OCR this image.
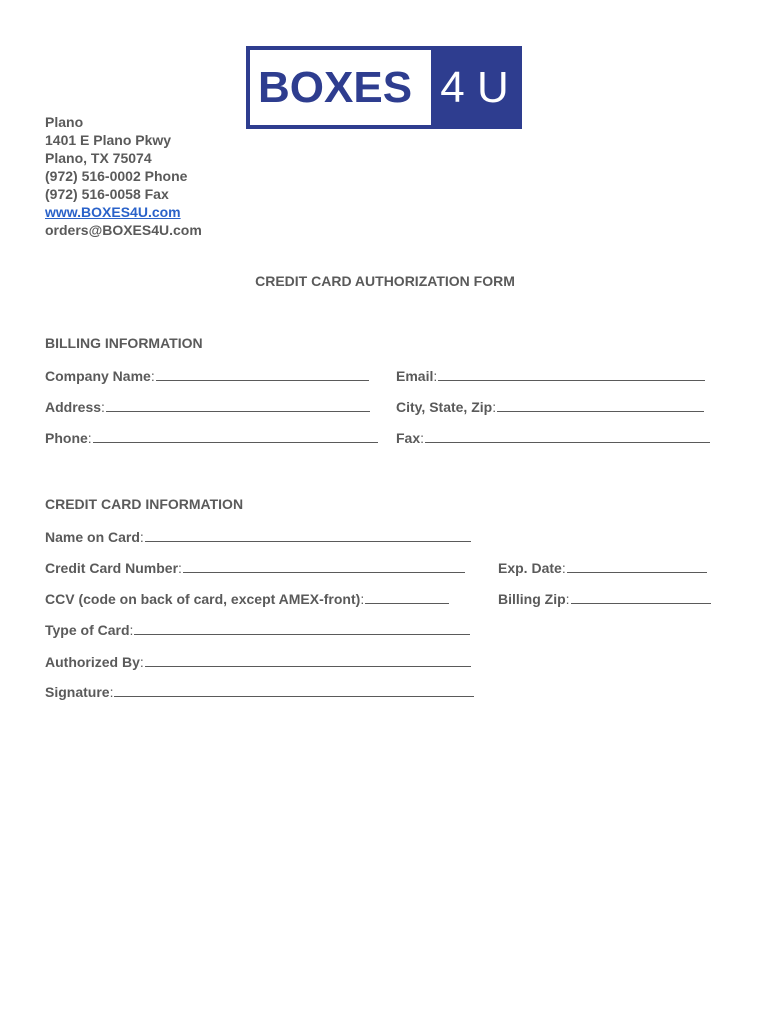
BOXES 4 U
Plano
1401 E Plano Pkwy
Plano, TX 75074
(972) 516-0002 Phone
(972) 516-0058 Fax
www.BOXES4U.com
orders@BOXES4U.com
CREDIT CARD AUTHORIZATION FORM
BILLING INFORMATION
Company Name :	Email :
Address :	City, State, Zip :
Phone :	Fax :
CREDIT CARD INFORMATION
Name on Card :
Credit Card Number :	Exp. Date :
CCV (code on back of card, except AMEX-front) :	Billing Zip :
Type of Card :
Authorized By :
Signature :
